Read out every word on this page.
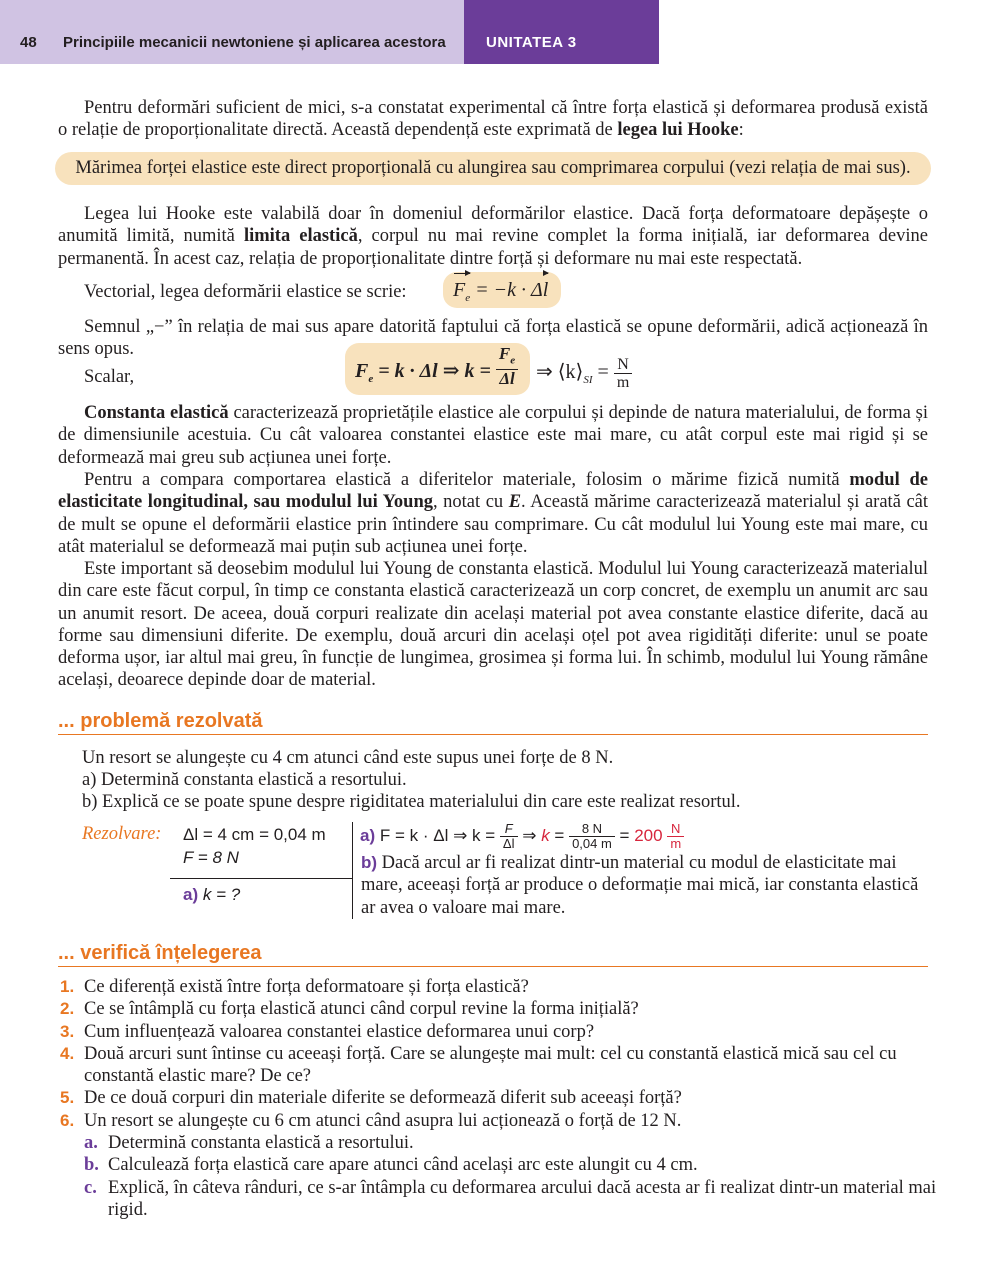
48 Principiile mecanicii newtoniene și aplicarea acestora	UNITATEA 3

Pentru deformări suficient de mici, s-a constatat experimental că între forța elastică și deformarea produsă există o relație de proporționalitate directă. Această dependență este exprimată de legea lui Hooke:

Mărimea forței elastice este direct proporțională cu alungirea sau comprimarea corpului (vezi relația de mai sus).

Legea lui Hooke este valabilă doar în domeniul deformărilor elastice. Dacă forța deformatoare depășește o anumită limită, numită limita elastică, corpul nu mai revine complet la forma inițială, iar deformarea devine permanentă. În acest caz, relația de proporționalitate dintre forță și deformare nu mai este respectată.

Vectorial, legea deformării elastice se scrie:	$F_e = -k \cdot \Delta l$

Semnul „−” în relația de mai sus apare datorită faptului că forța elastică se opune deformării, adică acționează în sens opus.

Scalar,	$F_e = k \cdot \Delta l$ ⇒ $k = \frac{F_e}{\Delta l}$ ⇒ $⟨k⟩_{SI} = \frac{N}{m}$

Constanta elastică caracterizează proprietățile elastice ale corpului și depinde de natura materialului, de forma și de dimensiunile acestuia. Cu cât valoarea constantei elastice este mai mare, cu atât corpul este mai rigid și se deformează mai greu sub acțiunea unei forțe.

Pentru a compara comportarea elastică a diferitelor materiale, folosim o mărime fizică numită modul de elasticitate longitudinal, sau modulul lui Young, notat cu E. Această mărime caracterizează materialul și arată cât de mult se opune el deformării elastice prin întindere sau comprimare. Cu cât modulul lui Young este mai mare, cu atât materialul se deformează mai puțin sub acțiunea unei forțe.

Este important să deosebim modulul lui Young de constanta elastică. Modulul lui Young caracterizează materialul din care este făcut corpul, în timp ce constanta elastică caracterizează un corp concret, de exemplu un anumit arc sau un anumit resort. De aceea, două corpuri realizate din același material pot avea constante elastice diferite, dacă au forme sau dimensiuni diferite. De exemplu, două arcuri din același oțel pot avea rigidități diferite: unul se poate deforma ușor, iar altul mai greu, în funcție de lungimea, grosimea și forma lui. În schimb, modulul lui Young rămâne același, deoarece depinde doar de material.

... problemă rezolvată
Un resort se alungește cu 4 cm atunci când este supus unei forțe de 8 N.
a) Determină constanta elastică a resortului.
b) Explică ce se poate spune despre rigiditatea materialului din care este realizat resortul.
Rezolvare: Δl = 4 cm = 0,04 m
F = 8 N
a) k = ?
a) F = k · Δl ⇒ $k = \frac{F}{\Delta l}$ ⇒ $k = \frac{8 N}{0,04 m} = 200 \frac{N}{m}$
b) Dacă arcul ar fi realizat dintr-un material cu modul de elasticitate mai mare, aceeași forță ar produce o deformație mai mică, iar constanta elastică ar avea o valoare mai mare.
... verifică înțelegerea
1. Ce diferență există între forța deformatoare și forța elastică?
2. Ce se întâmplă cu forța elastică atunci când corpul revine la forma inițială?
3. Cum influențează valoarea constantei elastice deformarea unui corp?
4. Două arcuri sunt întinse cu aceeași forță. Care se alungește mai mult: cel cu constantă elastică mică sau cel cu constantă elastic mare? De ce?
5. De ce două corpuri din materiale diferite se deformează diferit sub aceeași forță?
6. Un resort se alungește cu 6 cm atunci când asupra lui acționează o forță de 12 N.
a. Determină constanta elastică a resortului.
b. Calculează forța elastică care apare atunci când același arc este alungit cu 4 cm.
c. Explică, în câteva rânduri, ce s-ar întâmpla cu deformarea arcului dacă acesta ar fi realizat dintr-un material mai rigid.
